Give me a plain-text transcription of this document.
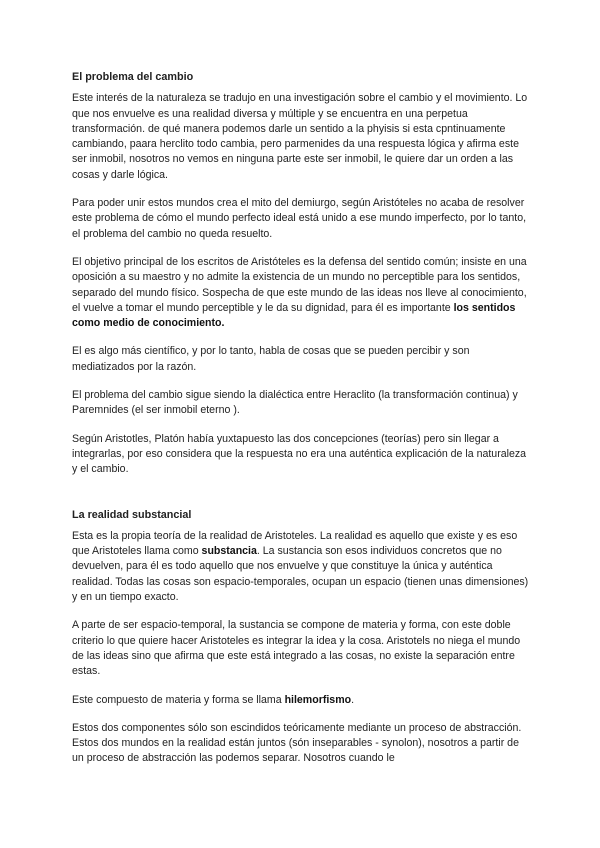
El problema del cambio

Este interés de la naturaleza se tradujo en una investigación sobre el cambio y el movimiento. Lo que nos envuelve es una realidad diversa y múltiple y se encuentra en una perpetua transformación. de qué manera podemos darle un sentido a la phyisis si esta cpntinuamente cambiando, paara herclito todo cambia, pero parmenides da una respuesta lógica y afirma este ser inmobil, nosotros no vemos en ninguna parte este ser inmobil, le quiere dar un orden a las cosas y darle lógica.

Para poder unir estos mundos crea el mito del demiurgo, según Aristóteles no acaba de resolver este problema de cómo el mundo perfecto ideal está unido a ese mundo imperfecto, por lo tanto, el problema del cambio no queda resuelto.

El objetivo principal de los escritos de Aristóteles es la defensa del sentido común; insiste en una oposición a su maestro y no admite la existencia de un mundo no perceptible para los sentidos, separado del mundo físico. Sospecha de que este mundo de las ideas nos lleve al conocimiento, el vuelve a tomar el mundo perceptible y le da su dignidad, para él es importante los sentidos como medio de conocimiento.

El es algo más científico, y por lo tanto, habla de cosas que se pueden percibir y son mediatizados por la razón.

El problema del cambio sigue siendo la dialéctica entre Heraclito (la transformación continua) y Paremnides (el ser inmobil eterno ).

Según Aristotles, Platón había yuxtapuesto las dos concepciones (teorías) pero sin llegar a integrarlas, por eso considera que la respuesta no era una auténtica explicación de la naturaleza y el cambio.

La realidad substancial

Esta es la propia teoría de la realidad de Aristoteles. La realidad es aquello que existe y es eso que Aristoteles llama como substancia. La sustancia son esos individuos concretos que no devuelven, para él es todo aquello que nos envuelve y que constituye la única y auténtica realidad. Todas las cosas son espacio-temporales, ocupan un espacio (tienen unas dimensiones) y en un tiempo exacto.

A parte de ser espacio-temporal, la sustancia se compone de materia y forma, con este doble criterio lo que quiere hacer Aristoteles es integrar la idea y la cosa. Aristotels no niega el mundo de las ideas sino que afirma que este está integrado a las cosas, no existe la separación entre estas.

Este compuesto de materia y forma se llama hilemorfismo.

Estos dos componentes sólo son escindidos teóricamente mediante un proceso de abstracción. Estos dos mundos en la realidad están juntos (són inseparables - synolon), nosotros a partir de un proceso de abstracción las podemos separar. Nosotros cuando le
